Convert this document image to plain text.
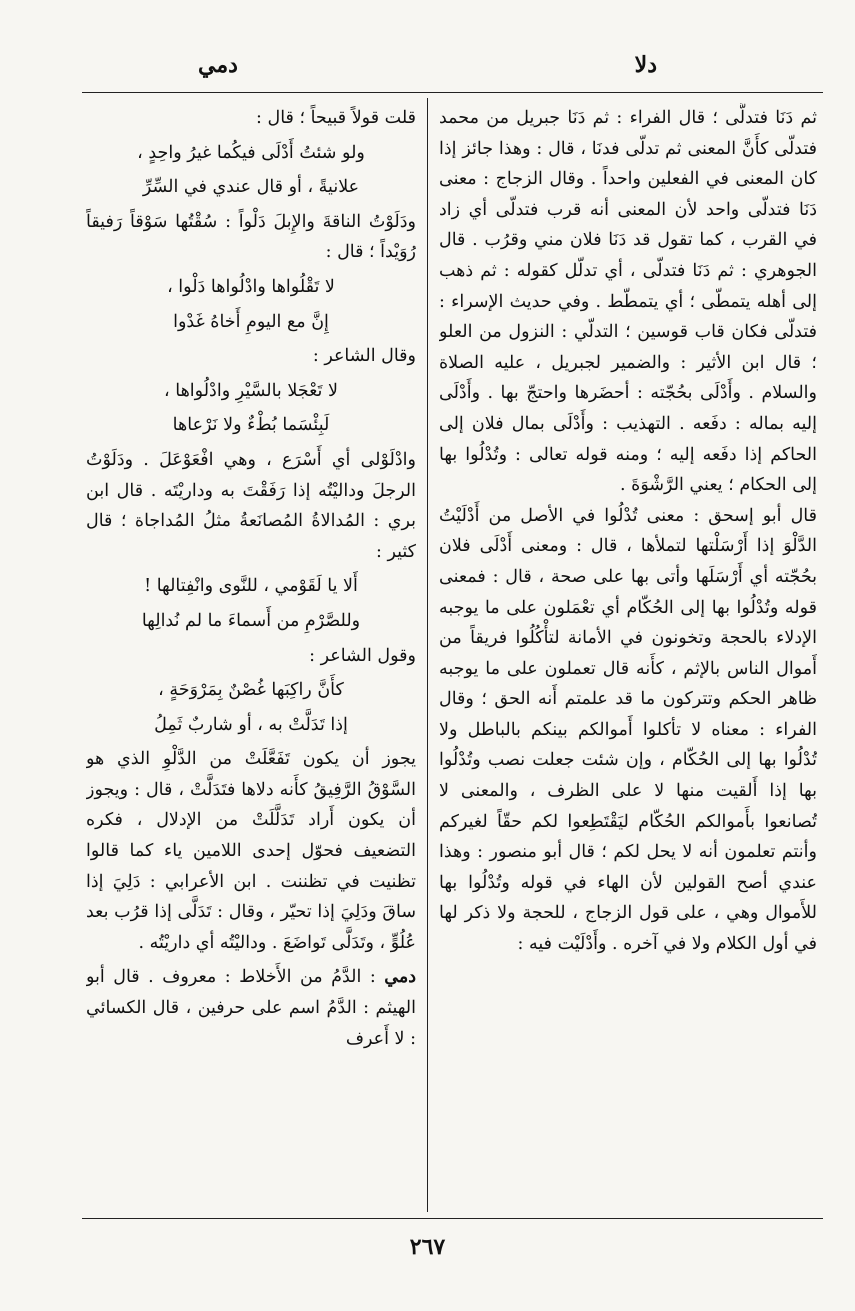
دلا
دمي

ثم دَنَا فتدلَّى ؛ قال الفراء : ثم دَنَا جبريل من محمد فتدلّى كأَنَّ المعنى ثم تدلّى فدنَا ، قال : وهذا جائز إذا كان المعنى في الفعلين واحداً . وقال الزجاج : معنى دَنَا فتدلّى واحد لأن المعنى أنه قرب فتدلّى أي زاد في القرب ، كما تقول قد دَنَا فلان مني وقرُب . قال الجوهري : ثم دَنَا فتدلّى ، أي تدلّل كقوله : ثم ذهب إلى أهله يتمطّى ؛ أي يتمطّط . وفي حديث الإسراء : فتدلّى فكان قاب قوسين ؛ التدلّي : النزول من العلو ؛ قال ابن الأثير : والضمير لجبريل ، عليه الصلاة والسلام . وأَدْلَى بحُجّته : أحضَرها واحتجّ بها . وأَدْلَى إليه بماله : دفَعه . التهذيب : وأَدْلَى بمال فلان إلى الحاكم إذا دفَعه إليه ؛ ومنه قوله تعالى : وتُدْلُوا بها إلى الحكام ؛ يعني الرَّشْوَةَ .

قال أبو إسحق : معنى تُدْلُوا في الأصل من أَدْلَيْتُ الدَّلْوَ إذا أَرْسَلْتها لتملأها ، قال : ومعنى أَدْلَى فلان بحُجّته أي أَرْسَلَها وأتى بها على صحة ، قال : فمعنى قوله وتُدْلُوا بها إلى الحُكّام أي تعْمَلون على ما يوجبه الإدلاء بالحجة وتخونون في الأمانة لتأْكُلُوا فريقاً من أَموال الناس بالإثم ، كأَنه قال تعملون على ما يوجبه ظاهر الحكم وتتركون ما قد علمتم أَنه الحق ؛ وقال الفراء : معناه لا تأكلوا أَموالكم بينكم بالباطل ولا تُدْلُوا بها إلى الحُكّام ، وإن شئت جعلت نصب وتُدْلُوا بها إذا أَلقيت منها لا على الظرف ، والمعنى لا تُصانعوا بأَموالكم الحُكّام ليَقْتَطِعوا لكم حقّاً لغيركم وأنتم تعلمون أنه لا يحل لكم ؛ قال أبو منصور : وهذا عندي أصح القولين لأن الهاء في قوله وتُدْلُوا بها للأَموال وهي ، على قول الزجاج ، للحجة ولا ذكر لها في أول الكلام ولا في آخره . وأَدْلَيْت فيه :

قلت قولاً قبيحاً ؛ قال :

ولو شئتُ أَدْلَى فيكُما غيرُ واحِدٍ ،

علانيةً ، أو قال عندي في السِّرِّ

ودَلَوْتُ الناقةَ والإِبلَ دَلْواً : سُقْتُها سَوْقاً رَفيقاً رُوَيْداً ؛ قال :

لا تَقْلُواها وادْلُواها دَلْوا ،

إِنَّ مع اليومِ أَخاهُ غَدْوا

وقال الشاعر :

لا تَعْجَلا بالسَّيْرِ وادْلُواها ،

لَبِئْسَما بُطْءٌ ولا نَرْعاها

وادْلَوْلى أي أَسْرَع ، وهي افْعَوْعَلَ . ودَلَوْتُ الرجلَ وداليْتُه إذا رَفَقْتَ به وداريْتَه . قال ابن بري : المُدالاةُ المُصانَعةُ مثلُ المُداجاة ؛ قال كثير :

أَلا يا لَقَوْمي ، للنَّوى وانْفِتالها !

وللصَّرْمِ من أَسماءَ ما لم نُدالِها

وقول الشاعر :

كأَنَّ راكِبَها غُصْنٌ بِمَرْوَحَةٍ ،

إذا تَدَلَّتْ به ، أو شاربٌ ثَمِلُ

يجوز أن يكون تَفَعَّلَتْ من الدَّلْوِ الذي هو السَّوْقُ الرَّفِيقُ كأَنه دلاها فتَدَلَّتْ ، قال : ويجوز أن يكون أَراد تَدَلَّلَتْ من الإدلال ، فكره التضعيف فحوّل إحدى اللامين ياء كما قالوا تظنيت في تظننت . ابن الأعرابي : دَلِيَ إذا ساقَ ودَلِيَ إذا تحيّر ، وقال : تَدَلَّى إذا قرُب بعد عُلُوٍّ ، وتَدَلَّى تَواضَعَ . وداليْتُه أي داريْتُه .

دمي : الدَّمُ من الأَخلاط : معروف . قال أبو الهيثم : الدَّمُ اسم على حرفين ، قال الكسائي : لا أَعرف

٢٦٧
